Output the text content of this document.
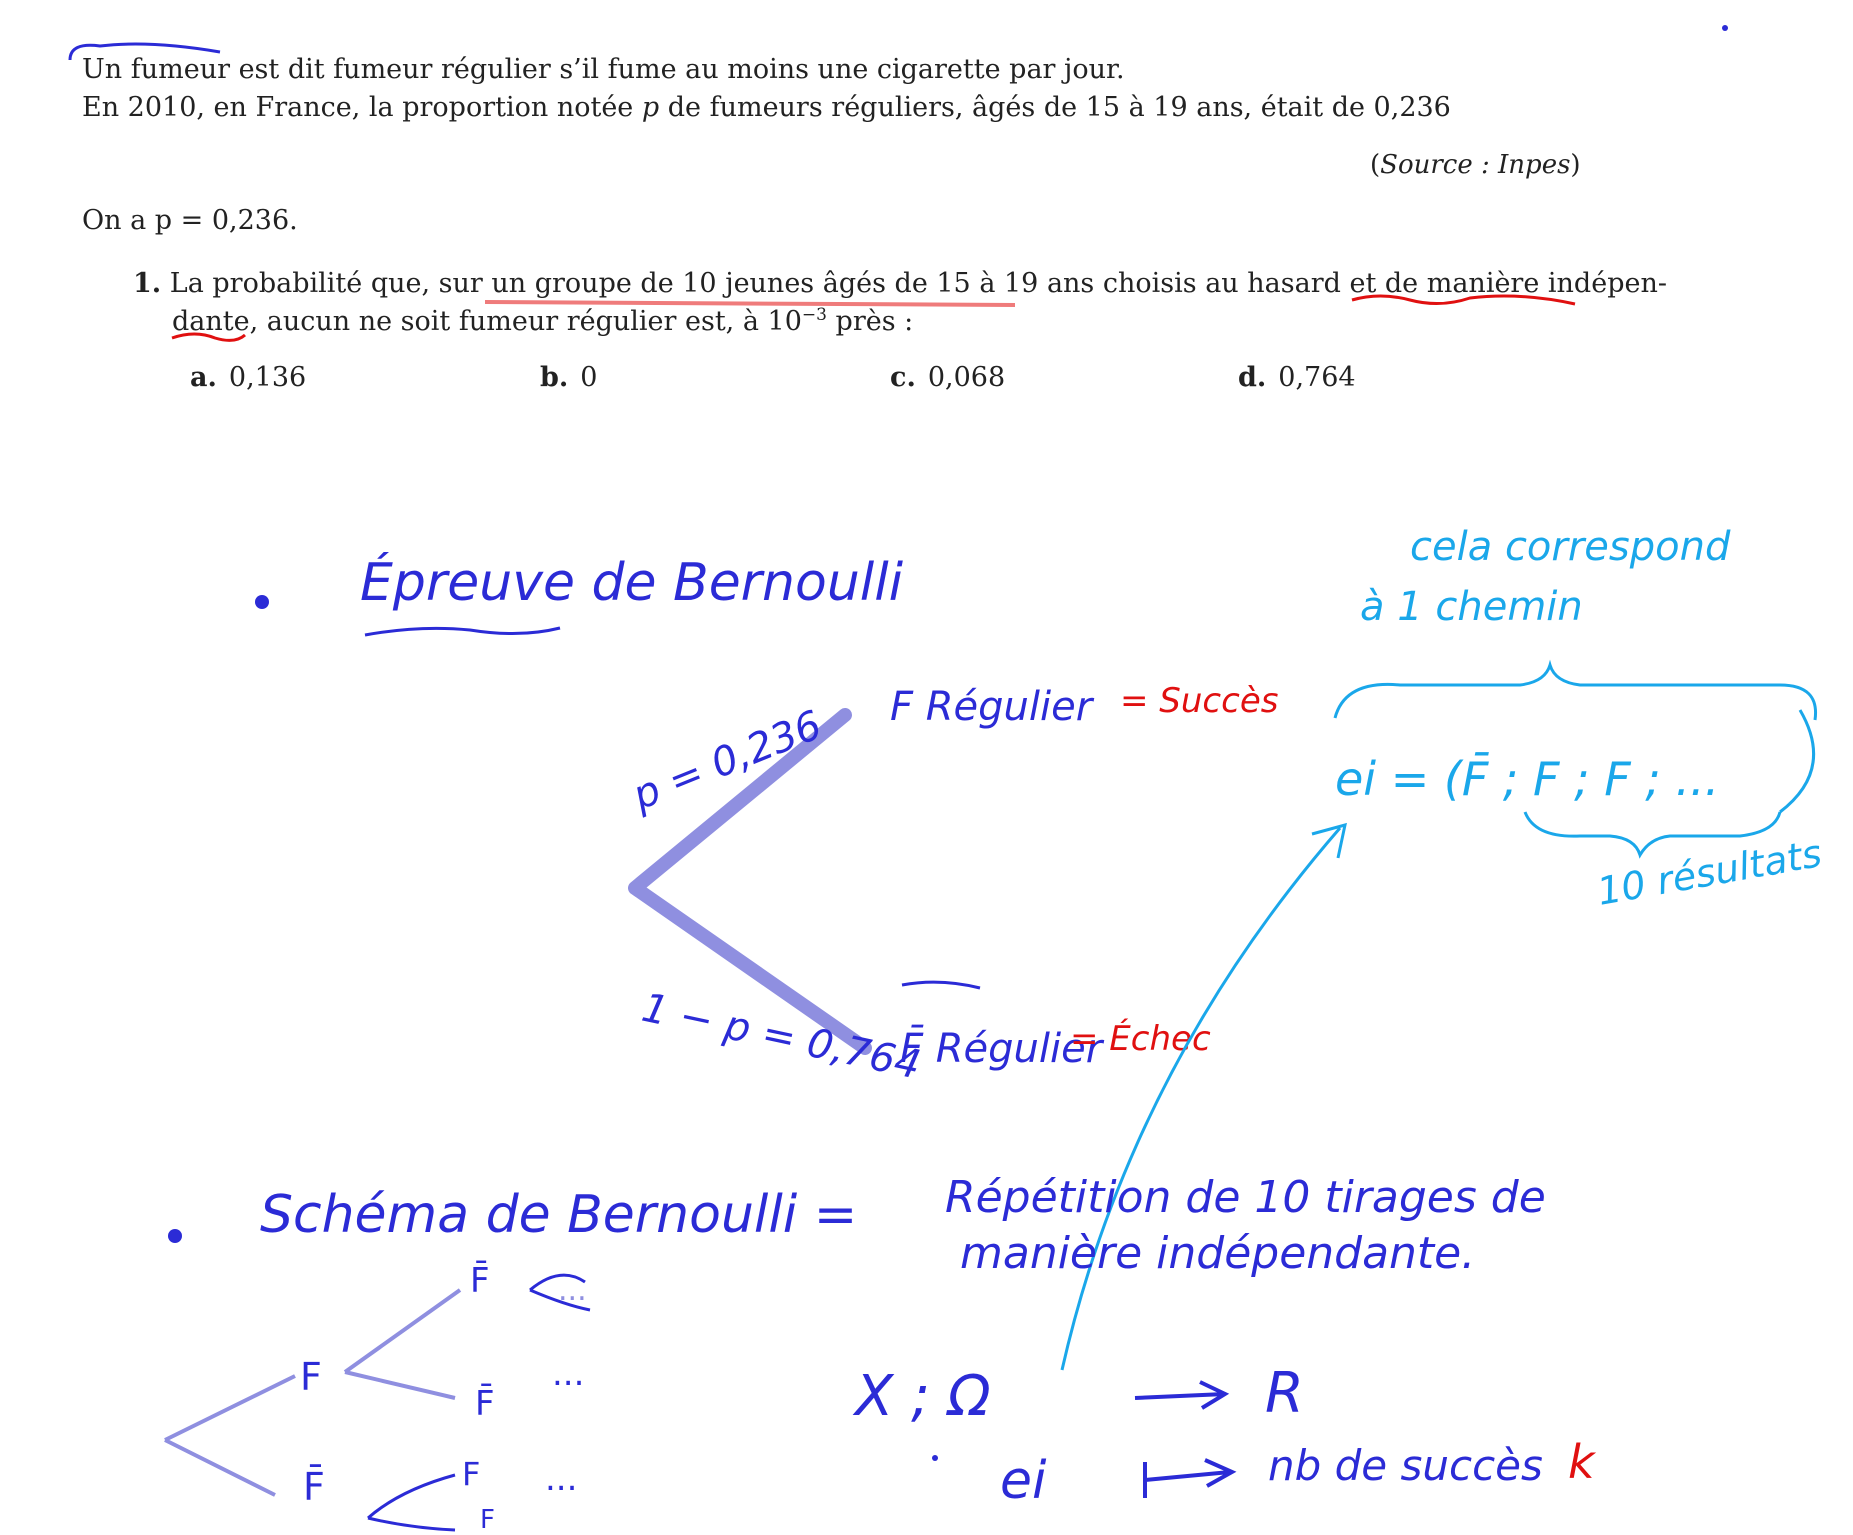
Un fumeur est dit fumeur régulier s’il fume au moins une cigarette par jour.
En 2010, en France, la proportion notée p de fumeurs réguliers, âgés de 15 à 19 ans, était de 0,236
(Source : Inpes)
On a p = 0,236.
1. La probabilité que, sur un groupe de 10 jeunes âgés de 15 à 19 ans choisis au hasard et de manière indépen-
dante, aucun ne soit fumeur régulier est, à $10^{-3}$ près :
a. 0,136	b. 0	c. 0,068	d. 0,764
Épreuve de Bernoulli
p = 0,236 F Régulier = Succès
1 − p = 0,764
F̄ Régulier
= Échec
cela correspond
à 1 chemin
ei = (F̄ ; F ; F ; ...
10 résultats
Schéma de Bernoulli = Répétition de 10 tirages de
manière indépendante.
F
F̄
F̄
F̄	F
F
...
...
...
X ; Ω	R
ei	nb de succès k
